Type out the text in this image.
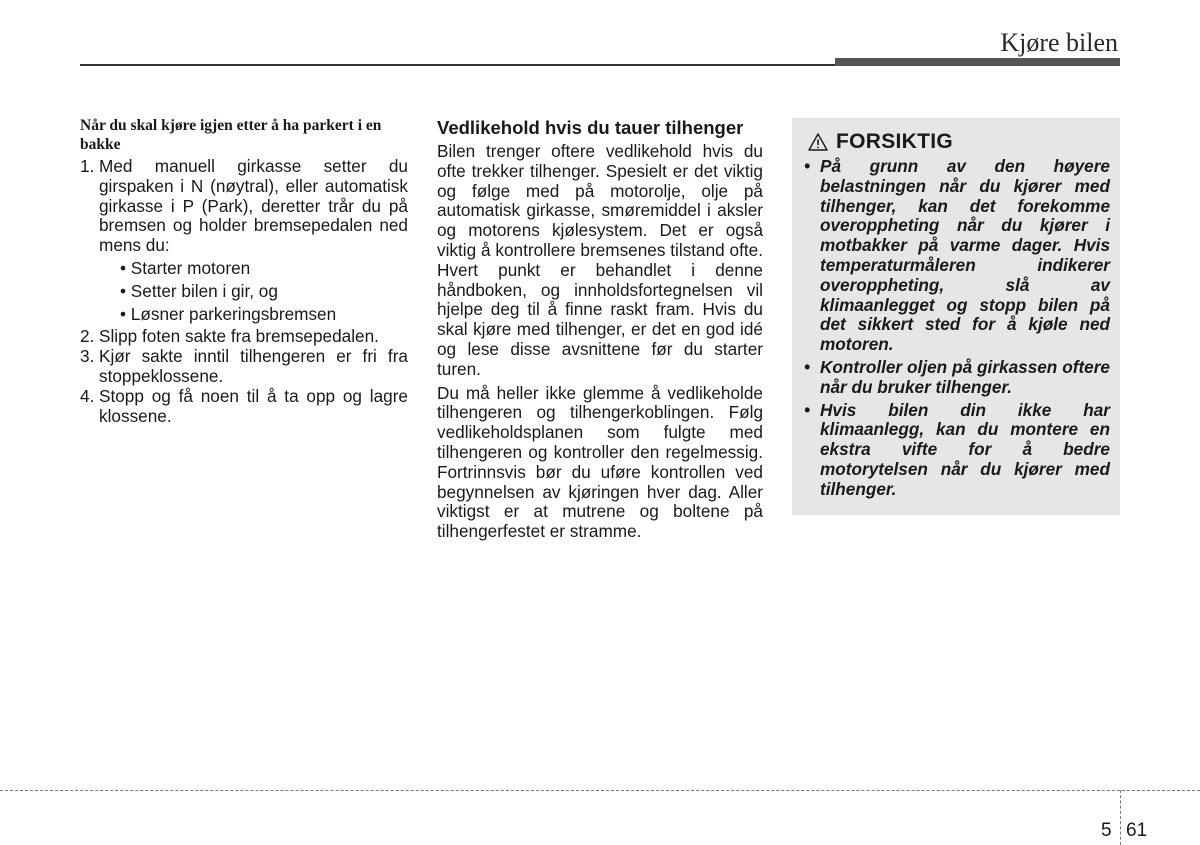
Kjøre bilen
Når du skal kjøre igjen etter å ha parkert i en bakke
1. Med manuell girkasse setter du girspaken i N (nøytral), eller automatisk girkasse i P (Park), deretter trår du på bremsen og holder bremsepedalen ned mens du:
• Starter motoren
• Setter bilen i gir, og
• Løsner parkeringsbremsen
2. Slipp foten sakte fra bremsepedalen.
3. Kjør sakte inntil tilhengeren er fri fra stoppeklossene.
4. Stopp og få noen til å ta opp og lagre klossene.
Vedlikehold hvis du tauer tilhenger

Bilen trenger oftere vedlikehold hvis du ofte trekker tilhenger. Spesielt er det viktig og følge med på motorolje, olje på automatisk girkasse, smøremiddel i aksler og motorens kjølesystem. Det er også viktig å kontrollere bremsenes tilstand ofte. Hvert punkt er behandlet i denne håndboken, og innholdsfortegnelsen vil hjelpe deg til å finne raskt fram. Hvis du skal kjøre med tilhenger, er det en god idé og lese disse avsnittene før du starter turen.

Du må heller ikke glemme å vedlikeholde tilhengeren og tilhengerkoblingen. Følg vedlikeholdsplanen som fulgte med tilhengeren og kontroller den regelmessig. Fortrinnsvis bør du uføre kontrollen ved begynnelsen av kjøringen hver dag. Aller viktigst er at mutrene og boltene på tilhengerfestet er stramme.

FORSIKTIG
• På grunn av den høyere belastningen når du kjører med tilhenger, kan det forekomme overoppheting når du kjører i motbakker på varme dager. Hvis temperaturmåleren indikerer overoppheting, slå av klimaanlegget og stopp bilen på det sikkert sted for å kjøle ned motoren.
• Kontroller oljen på girkassen oftere når du bruker tilhenger.
• Hvis bilen din ikke har klimaanlegg, kan du montere en ekstra vifte for å bedre motorytelsen når du kjører med tilhenger.
5 61
